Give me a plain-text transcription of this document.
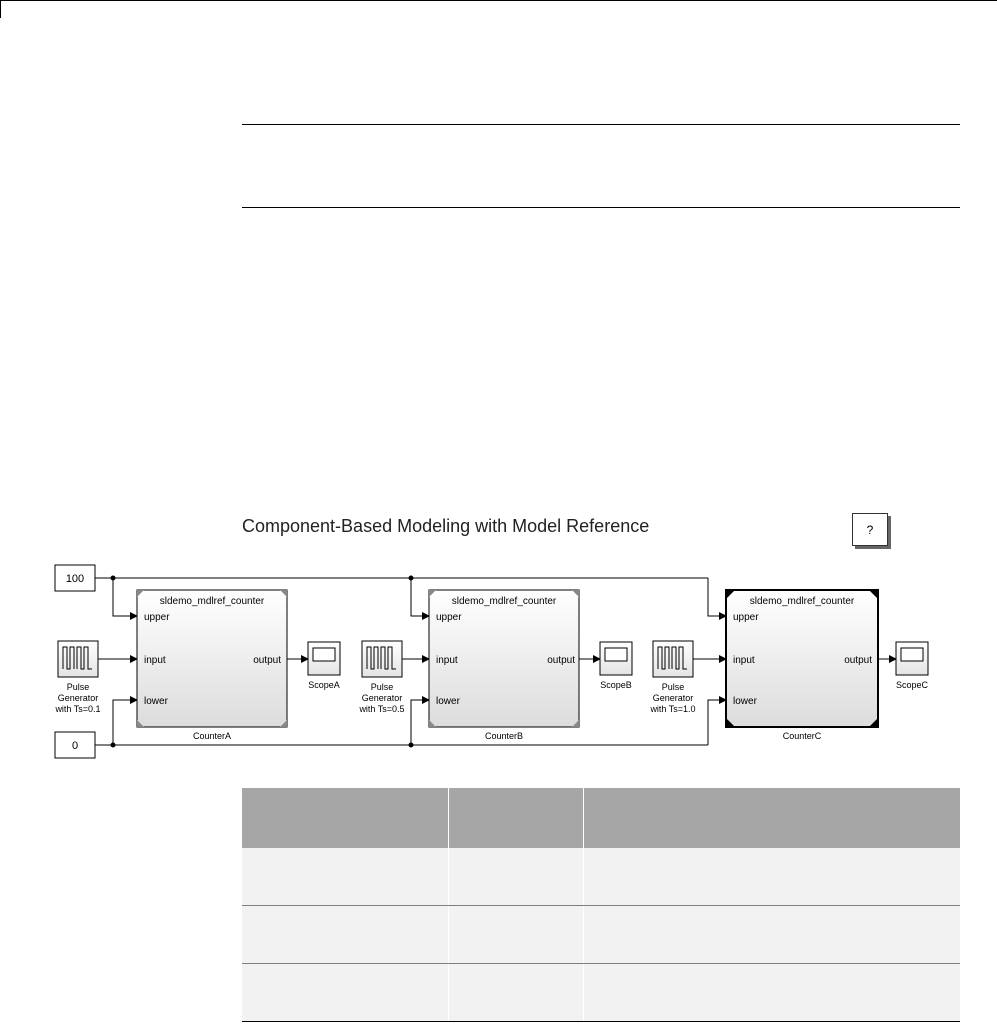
Component-Based Modeling with Model Reference	?
100
0
Pulse
Generator
with Ts=0.1
sldemo_mdlref_counter
upper
input
lower
output
CounterA
ScopeA	Pulse
Generator
with Ts=0.5
sldemo_mdlref_counter
upper
input
lower
output
CounterB
ScopeB	Pulse
Generator
with Ts=1.0
sldemo_mdlref_counter
upper
input
lower
output
CounterC
ScopeC
